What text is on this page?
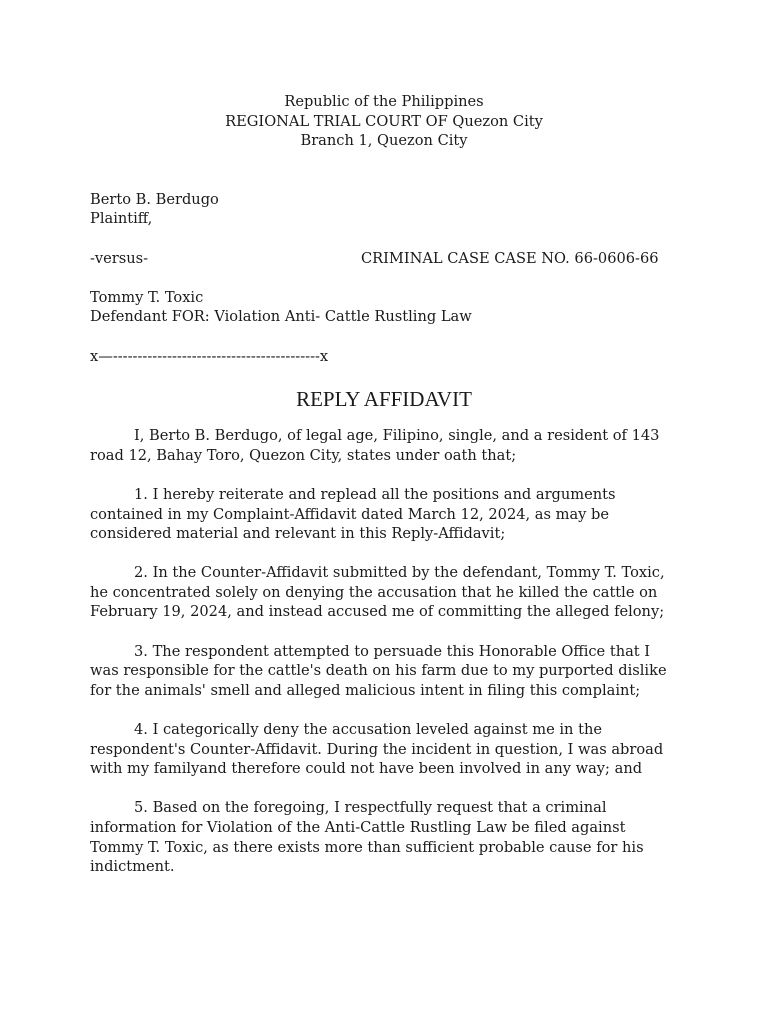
Republic of the Philippines
REGIONAL TRIAL COURT OF Quezon City
Branch 1, Quezon City
Berto B. Berdugo
Plaintiff,
-versus-	CRIMINAL CASE CASE NO. 66-0606-66
Tommy T. Toxic
Defendant FOR: Violation Anti- Cattle Rustling Law
x—------------------------------------------x
REPLY AFFIDAVIT
I, Berto B. Berdugo, of legal age, Filipino, single, and a resident of 143
road 12, Bahay Toro, Quezon City, states under oath that;
1. I hereby reiterate and replead all the positions and arguments
contained in my Complaint-Affidavit dated March 12, 2024, as may be
considered material and relevant in this Reply-Affidavit;
2. In the Counter-Affidavit submitted by the defendant, Tommy T. Toxic,
he concentrated solely on denying the accusation that he killed the cattle on
February 19, 2024, and instead accused me of committing the alleged felony;
3. The respondent attempted to persuade this Honorable Office that I
was responsible for the cattle's death on his farm due to my purported dislike
for the animals' smell and alleged malicious intent in filing this complaint;
4. I categorically deny the accusation leveled against me in the
respondent's Counter-Affidavit. During the incident in question, I was abroad
with my familyand therefore could not have been involved in any way; and
5. Based on the foregoing, I respectfully request that a criminal
information for Violation of the Anti-Cattle Rustling Law be filed against
Tommy T. Toxic, as there exists more than sufficient probable cause for his
indictment.
